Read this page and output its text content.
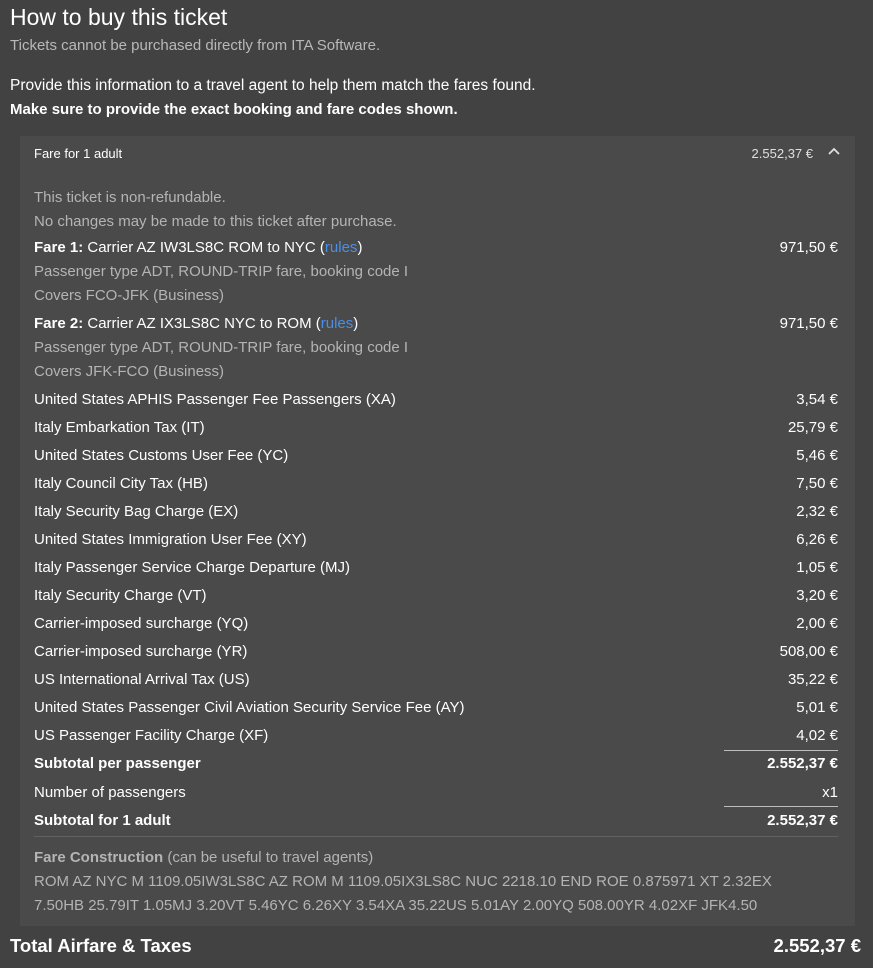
How to buy this ticket
Tickets cannot be purchased directly from ITA Software.
Provide this information to a travel agent to help them match the fares found.
Make sure to provide the exact booking and fare codes shown.
Fare for 1 adult	2.552,37 €
This ticket is non-refundable.
No changes may be made to this ticket after purchase.
Fare 1: Carrier AZ IW3LS8C ROM to NYC (rules)	971,50 €
Passenger type ADT, ROUND-TRIP fare, booking code I
Covers FCO-JFK (Business)
Fare 2: Carrier AZ IX3LS8C NYC to ROM (rules)	971,50 €
Passenger type ADT, ROUND-TRIP fare, booking code I
Covers JFK-FCO (Business)
United States APHIS Passenger Fee Passengers (XA)	3,54 €
Italy Embarkation Tax (IT)	25,79 €
United States Customs User Fee (YC)	5,46 €
Italy Council City Tax (HB)	7,50 €
Italy Security Bag Charge (EX)	2,32 €
United States Immigration User Fee (XY)	6,26 €
Italy Passenger Service Charge Departure (MJ)	1,05 €
Italy Security Charge (VT)	3,20 €
Carrier-imposed surcharge (YQ)	2,00 €
Carrier-imposed surcharge (YR)	508,00 €
US International Arrival Tax (US)	35,22 €
United States Passenger Civil Aviation Security Service Fee (AY)	5,01 €
US Passenger Facility Charge (XF)	4,02 €
Subtotal per passenger	2.552,37 €
Number of passengers	x1
Subtotal for 1 adult	2.552,37 €
Fare Construction (can be useful to travel agents)
ROM AZ NYC M 1109.05IW3LS8C AZ ROM M 1109.05IX3LS8C NUC 2218.10 END ROE 0.875971 XT 2.32EX
7.50HB 25.79IT 1.05MJ 3.20VT 5.46YC 6.26XY 3.54XA 35.22US 5.01AY 2.00YQ 508.00YR 4.02XF JFK4.50
Total Airfare & Taxes	2.552,37 €
